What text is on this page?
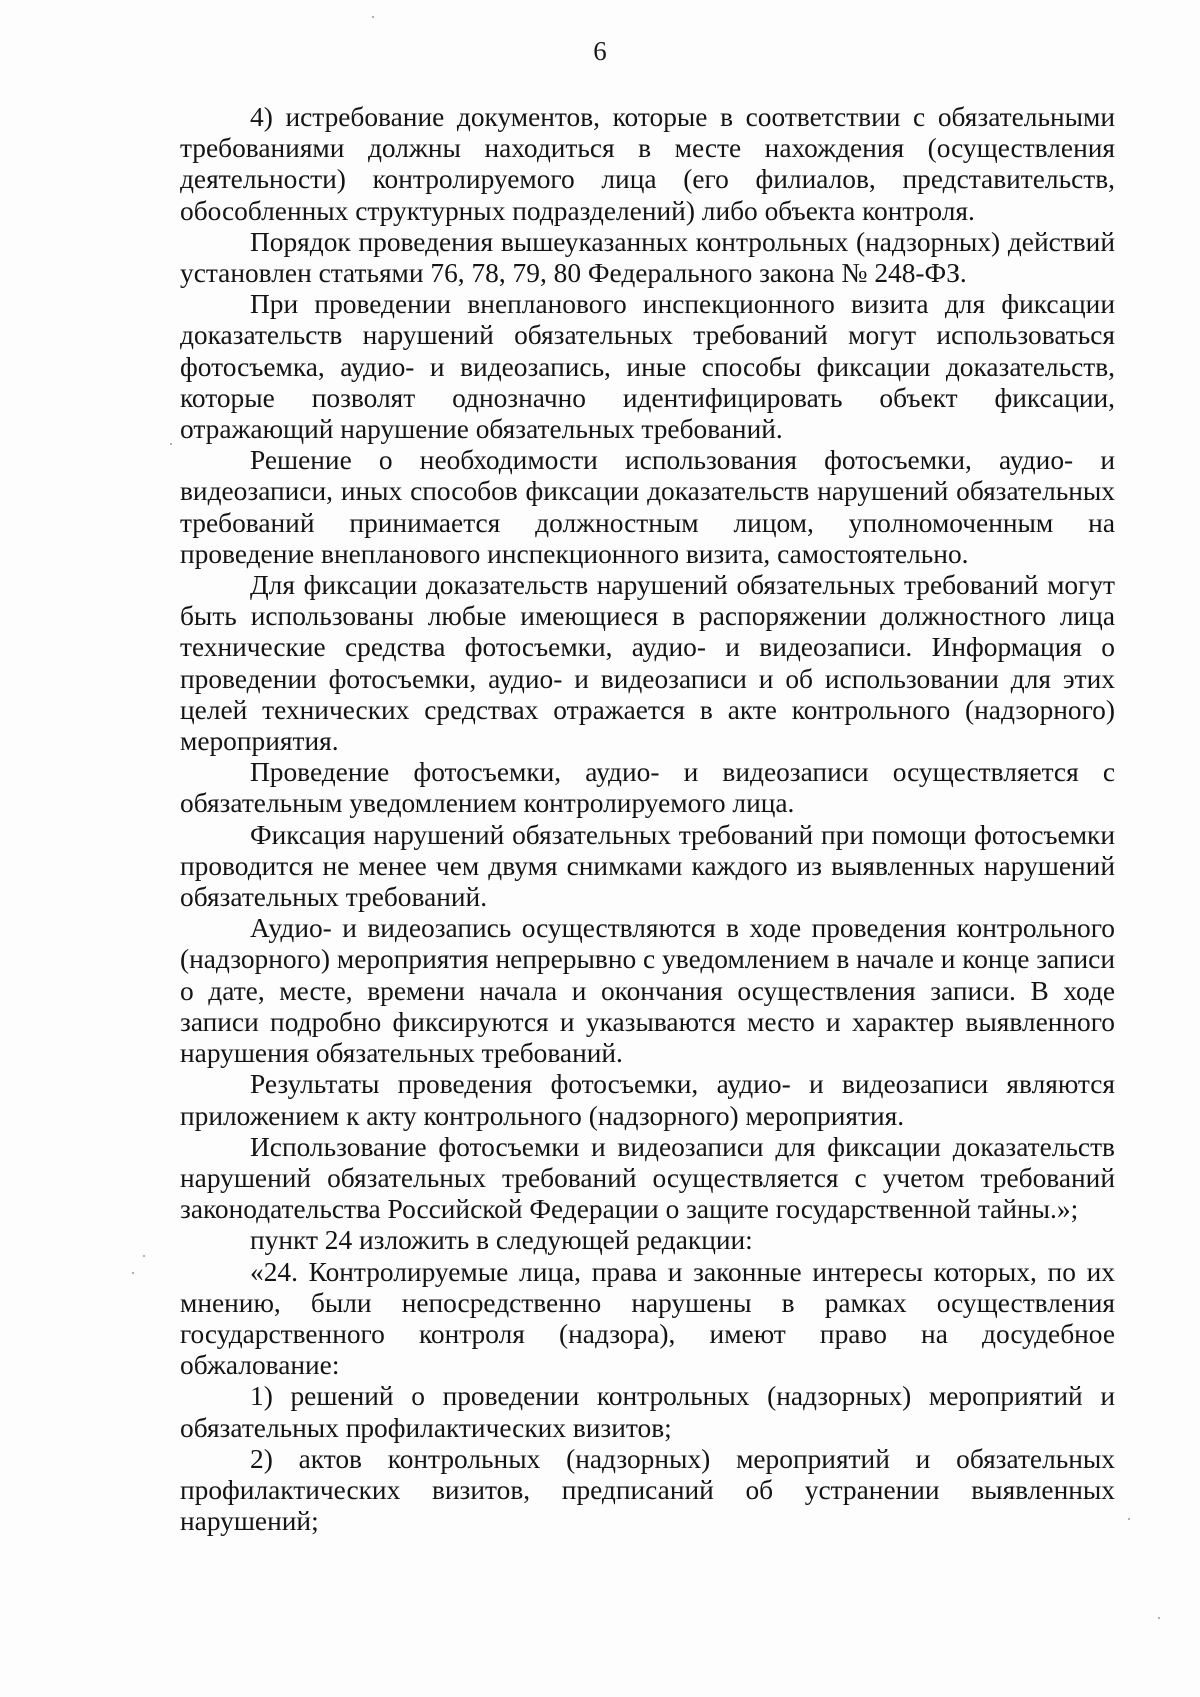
6

4) истребование документов, которые в соответствии с обязательными требованиями должны находиться в месте нахождения (осуществления деятельности) контролируемого лица (его филиалов, представительств, обособленных структурных подразделений) либо объекта контроля.

Порядок проведения вышеуказанных контрольных (надзорных) действий установлен статьями 76, 78, 79, 80 Федерального закона № 248-ФЗ.

При проведении внепланового инспекционного визита для фиксации доказательств нарушений обязательных требований могут использоваться фотосъемка, аудио- и видеозапись, иные способы фиксации доказательств, которые позволят однозначно идентифицировать объект фиксации, отражающий нарушение обязательных требований.

Решение о необходимости использования фотосъемки, аудио- и видеозаписи, иных способов фиксации доказательств нарушений обязательных требований принимается должностным лицом, уполномоченным на проведение внепланового инспекционного визита, самостоятельно.

Для фиксации доказательств нарушений обязательных требований могут быть использованы любые имеющиеся в распоряжении должностного лица технические средства фотосъемки, аудио- и видеозаписи. Информация о проведении фотосъемки, аудио- и видеозаписи и об использовании для этих целей технических средствах отражается в акте контрольного (надзорного) мероприятия.

Проведение фотосъемки, аудио- и видеозаписи осуществляется с обязательным уведомлением контролируемого лица.

Фиксация нарушений обязательных требований при помощи фотосъемки проводится не менее чем двумя снимками каждого из выявленных нарушений обязательных требований.

Аудио- и видеозапись осуществляются в ходе проведения контрольного (надзорного) мероприятия непрерывно с уведомлением в начале и конце записи о дате, месте, времени начала и окончания осуществления записи. В ходе записи подробно фиксируются и указываются место и характер выявленного нарушения обязательных требований.

Результаты проведения фотосъемки, аудио- и видеозаписи являются приложением к акту контрольного (надзорного) мероприятия.

Использование фотосъемки и видеозаписи для фиксации доказательств нарушений обязательных требований осуществляется с учетом требований законодательства Российской Федерации о защите государственной тайны.»;

пункт 24 изложить в следующей редакции:

«24. Контролируемые лица, права и законные интересы которых, по их мнению, были непосредственно нарушены в рамках осуществления государственного контроля (надзора), имеют право на досудебное обжалование:

1) решений о проведении контрольных (надзорных) мероприятий и обязательных профилактических визитов;

2) актов контрольных (надзорных) мероприятий и обязательных профилактических визитов, предписаний об устранении выявленных нарушений;
